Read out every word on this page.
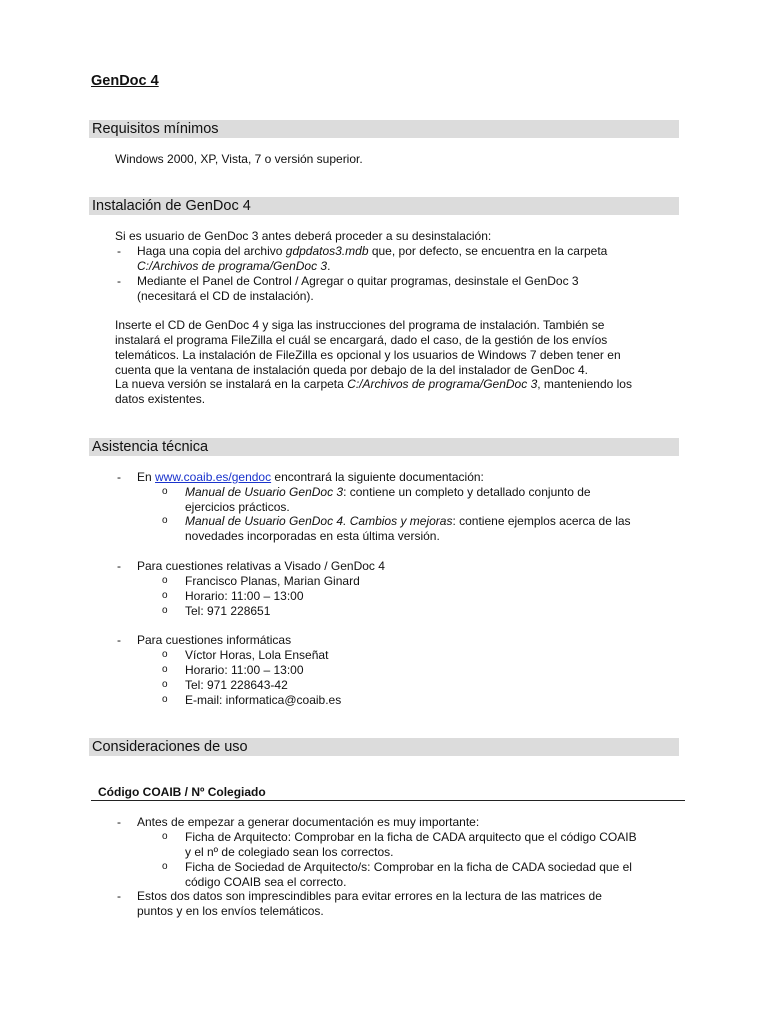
GenDoc 4
Requisitos mínimos
Windows 2000, XP, Vista, 7 o versión superior.
Instalación de GenDoc 4
Si es usuario de GenDoc 3 antes deberá proceder a su desinstalación:
- Haga una copia del archivo gdpdatos3.mdb que, por defecto, se encuentra en la carpeta
C:/Archivos de programa/GenDoc 3.
- Mediante el Panel de Control / Agregar o quitar programas, desinstale el GenDoc 3
(necesitará el CD de instalación).
Inserte el CD de GenDoc 4 y siga las instrucciones del programa de instalación. También se
instalará el programa FileZilla el cuál se encargará, dado el caso, de la gestión de los envíos
telemáticos. La instalación de FileZilla es opcional y los usuarios de Windows 7 deben tener en
cuenta que la ventana de instalación queda por debajo de la del instalador de GenDoc 4.
La nueva versión se instalará en la carpeta C:/Archivos de programa/GenDoc 3, manteniendo los
datos existentes.
Asistencia técnica
- En www.coaib.es/gendoc encontrará la siguiente documentación:
o Manual de Usuario GenDoc 3: contiene un completo y detallado conjunto de
ejercicios prácticos.
o Manual de Usuario GenDoc 4. Cambios y mejoras: contiene ejemplos acerca de las
novedades incorporadas en esta última versión.
- Para cuestiones relativas a Visado / GenDoc 4
o Francisco Planas, Marian Ginard
o Horario: 11:00 – 13:00
o Tel: 971 228651
- Para cuestiones informáticas
o Víctor Horas, Lola Enseñat
o Horario: 11:00 – 13:00
o Tel: 971 228643-42
o E-mail: informatica@coaib.es
Consideraciones de uso
Código COAIB / Nº Colegiado
- Antes de empezar a generar documentación es muy importante:
o Ficha de Arquitecto: Comprobar en la ficha de CADA arquitecto que el código COAIB
y el nº de colegiado sean los correctos.
o Ficha de Sociedad de Arquitecto/s: Comprobar en la ficha de CADA sociedad que el
código COAIB sea el correcto.
- Estos dos datos son imprescindibles para evitar errores en la lectura de las matrices de
puntos y en los envíos telemáticos.
